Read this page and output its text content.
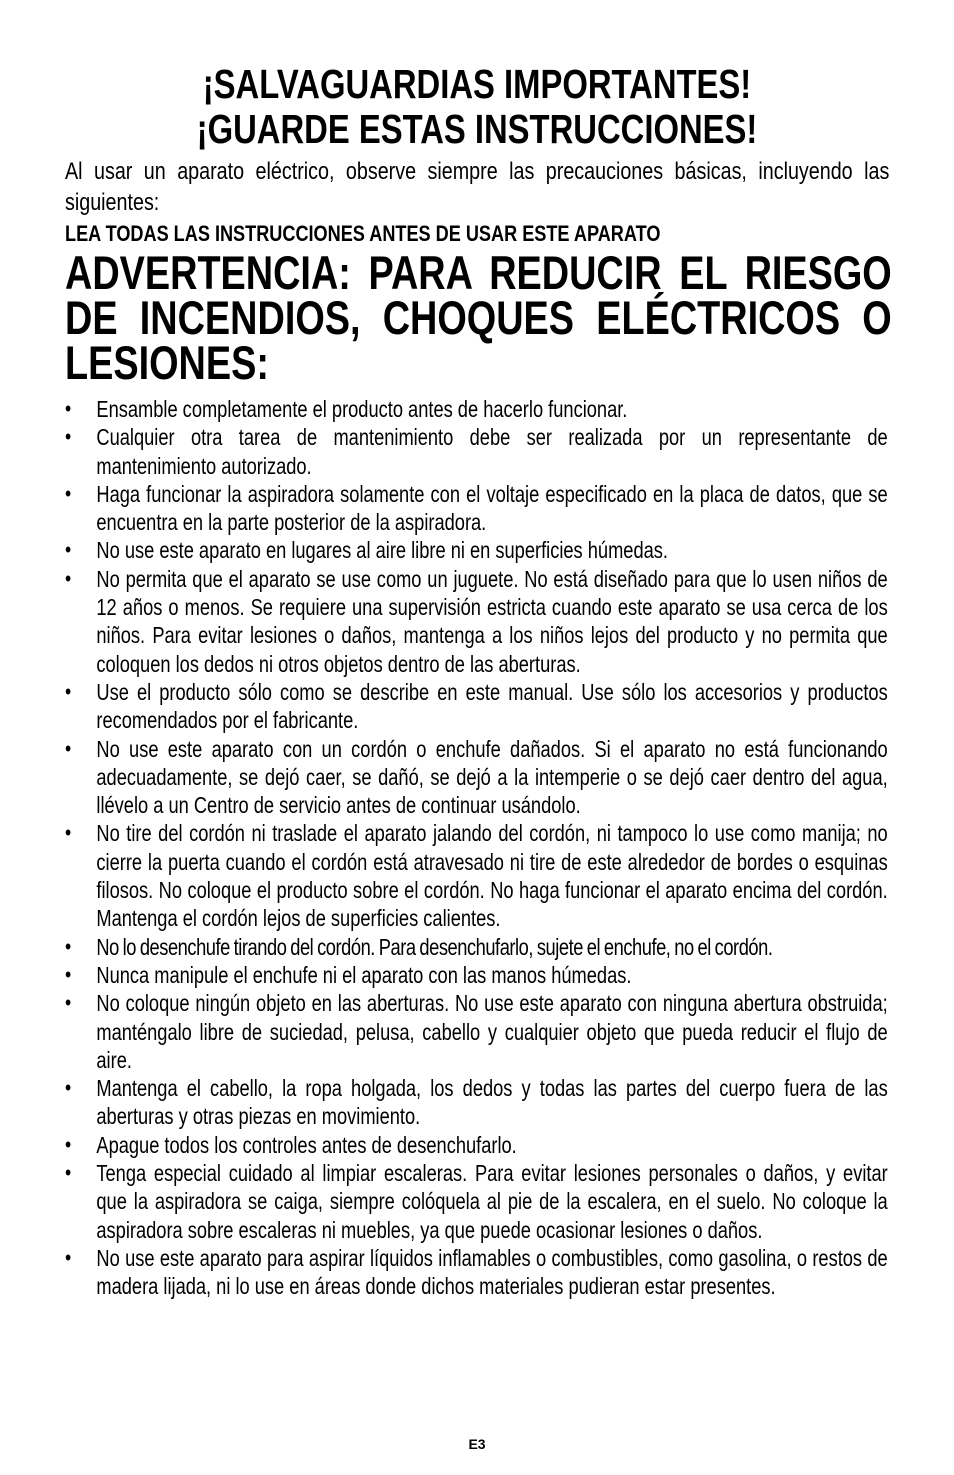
¡SALVAGUARDIAS IMPORTANTES!
¡GUARDE ESTAS INSTRUCCIONES!
Al usar un aparato eléctrico, observe siempre las precauciones básicas, incluyendo las siguientes:
LEA TODAS LAS INSTRUCCIONES ANTES DE USAR ESTE APARATO
ADVERTENCIA: PARA REDUCIR EL RIESGO DE INCENDIOS, CHOQUES ELÉCTRICOS O LESIONES:
• Ensamble completamente el producto antes de hacerlo funcionar.
• Cualquier otra tarea de mantenimiento debe ser realizada por un representante de mantenimiento autorizado.
• Haga funcionar la aspiradora solamente con el voltaje especificado en la placa de datos, que se encuentra en la parte posterior de la aspiradora.
• No use este aparato en lugares al aire libre ni en superficies húmedas.
• No permita que el aparato se use como un juguete. No está diseñado para que lo usen niños de 12 años o menos. Se requiere una supervisión estricta cuando este aparato se usa cerca de los niños. Para evitar lesiones o daños, mantenga a los niños lejos del producto y no permita que coloquen los dedos ni otros objetos dentro de las aberturas.
• Use el producto sólo como se describe en este manual. Use sólo los accesorios y productos recomendados por el fabricante.
• No use este aparato con un cordón o enchufe dañados. Si el aparato no está funcionando adecuadamente, se dejó caer, se dañó, se dejó a la intemperie o se dejó caer dentro del agua, llévelo a un Centro de servicio antes de continuar usándolo.
• No tire del cordón ni traslade el aparato jalando del cordón, ni tampoco lo use como manija; no cierre la puerta cuando el cordón está atravesado ni tire de este alrededor de bordes o esquinas filosos. No coloque el producto sobre el cordón. No haga funcionar el aparato encima del cordón. Mantenga el cordón lejos de superficies calientes.
• No lo desenchufe tirando del cordón. Para desenchufarlo, sujete el enchufe, no el cordón.
• Nunca manipule el enchufe ni el aparato con las manos húmedas.
• No coloque ningún objeto en las aberturas. No use este aparato con ninguna abertura obstruida; manténgalo libre de suciedad, pelusa, cabello y cualquier objeto que pueda reducir el flujo de aire.
• Mantenga el cabello, la ropa holgada, los dedos y todas las partes del cuerpo fuera de las aberturas y otras piezas en movimiento.
• Apague todos los controles antes de desenchufarlo.
• Tenga especial cuidado al limpiar escaleras. Para evitar lesiones personales o daños, y evitar que la aspiradora se caiga, siempre colóquela al pie de la escalera, en el suelo. No coloque la aspiradora sobre escaleras ni muebles, ya que puede ocasionar lesiones o daños.
• No use este aparato para aspirar líquidos inflamables o combustibles, como gasolina, o restos de madera lijada, ni lo use en áreas donde dichos materiales pudieran estar presentes.
E3
